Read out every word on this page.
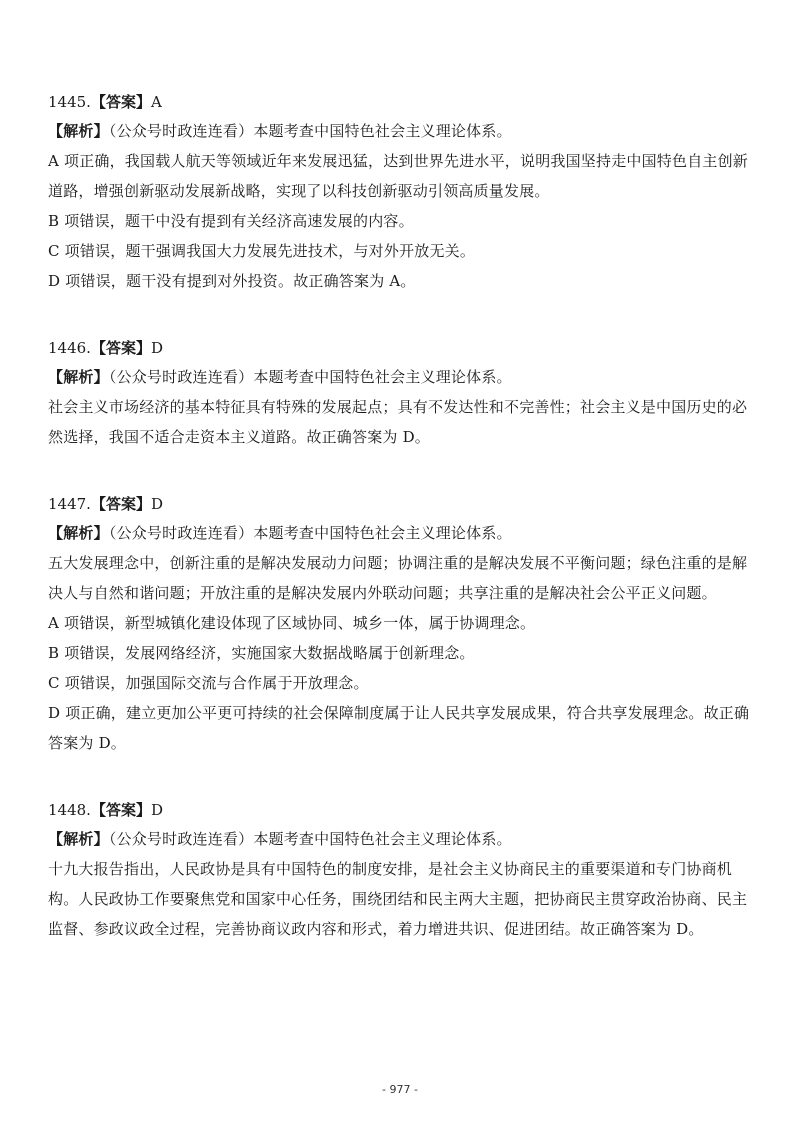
1445.【答案】A

【解析】（公众号时政连连看）本题考查中国特色社会主义理论体系。

A 项正确，我国载人航天等领域近年来发展迅猛，达到世界先进水平，说明我国坚持走中国特色自主创新道路，增强创新驱动发展新战略，实现了以科技创新驱动引领高质量发展。

B 项错误，题干中没有提到有关经济高速发展的内容。

C 项错误，题干强调我国大力发展先进技术，与对外开放无关。

D 项错误，题干没有提到对外投资。故正确答案为 A。

1446.【答案】D

【解析】（公众号时政连连看）本题考查中国特色社会主义理论体系。

社会主义市场经济的基本特征具有特殊的发展起点；具有不发达性和不完善性；社会主义是中国历史的必然选择，我国不适合走资本主义道路。故正确答案为 D。

1447.【答案】D

【解析】（公众号时政连连看）本题考查中国特色社会主义理论体系。

五大发展理念中，创新注重的是解决发展动力问题；协调注重的是解决发展不平衡问题；绿色注重的是解决人与自然和谐问题；开放注重的是解决发展内外联动问题；共享注重的是解决社会公平正义问题。

A 项错误，新型城镇化建设体现了区域协同、城乡一体，属于协调理念。

B 项错误，发展网络经济，实施国家大数据战略属于创新理念。

C 项错误，加强国际交流与合作属于开放理念。

D 项正确，建立更加公平更可持续的社会保障制度属于让人民共享发展成果，符合共享发展理念。故正确答案为 D。

1448.【答案】D

【解析】（公众号时政连连看）本题考查中国特色社会主义理论体系。

十九大报告指出，人民政协是具有中国特色的制度安排，是社会主义协商民主的重要渠道和专门协商机构。人民政协工作要聚焦党和国家中心任务，围绕团结和民主两大主题，把协商民主贯穿政治协商、民主监督、参政议政全过程，完善协商议政内容和形式，着力增进共识、促进团结。故正确答案为 D。

- 977 -
